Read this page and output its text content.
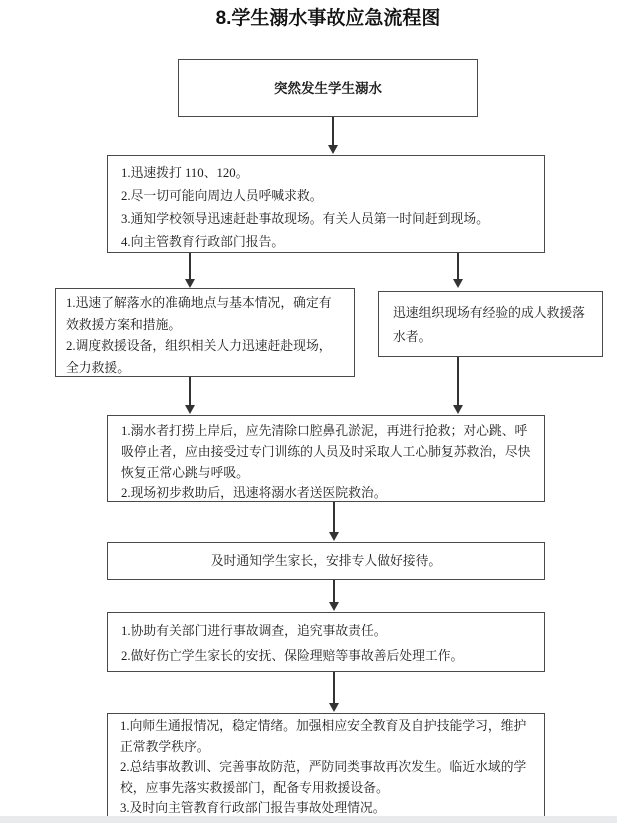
8.学生溺水事故应急流程图
突然发生学生溺水

1.迅速拨打 110、120。

2.尽一切可能向周边人员呼喊求救。

3.通知学校领导迅速赶赴事故现场。有关人员第一时间赶到现场。

4.向主管教育行政部门报告。

1.迅速了解落水的准确地点与基本情况，确定有效救援方案和措施。

2.调度救援设备，组织相关人力迅速赶赴现场，全力救援。

迅速组织现场有经验的成人救援落水者。

1.溺水者打捞上岸后，应先清除口腔鼻孔淤泥，再进行抢救；对心跳、呼吸停止者，应由接受过专门训练的人员及时采取人工心肺复苏救治，尽快恢复正常心跳与呼吸。

2.现场初步救助后，迅速将溺水者送医院救治。

及时通知学生家长，安排专人做好接待。

1.协助有关部门进行事故调查，追究事故责任。

2.做好伤亡学生家长的安抚、保险理赔等事故善后处理工作。

1.向师生通报情况，稳定情绪。加强相应安全教育及自护技能学习，维护正常教学秩序。

2.总结事故教训、完善事故防范，严防同类事故再次发生。临近水域的学校，应事先落实救援部门，配备专用救援设备。

3.及时向主管教育行政部门报告事故处理情况。
